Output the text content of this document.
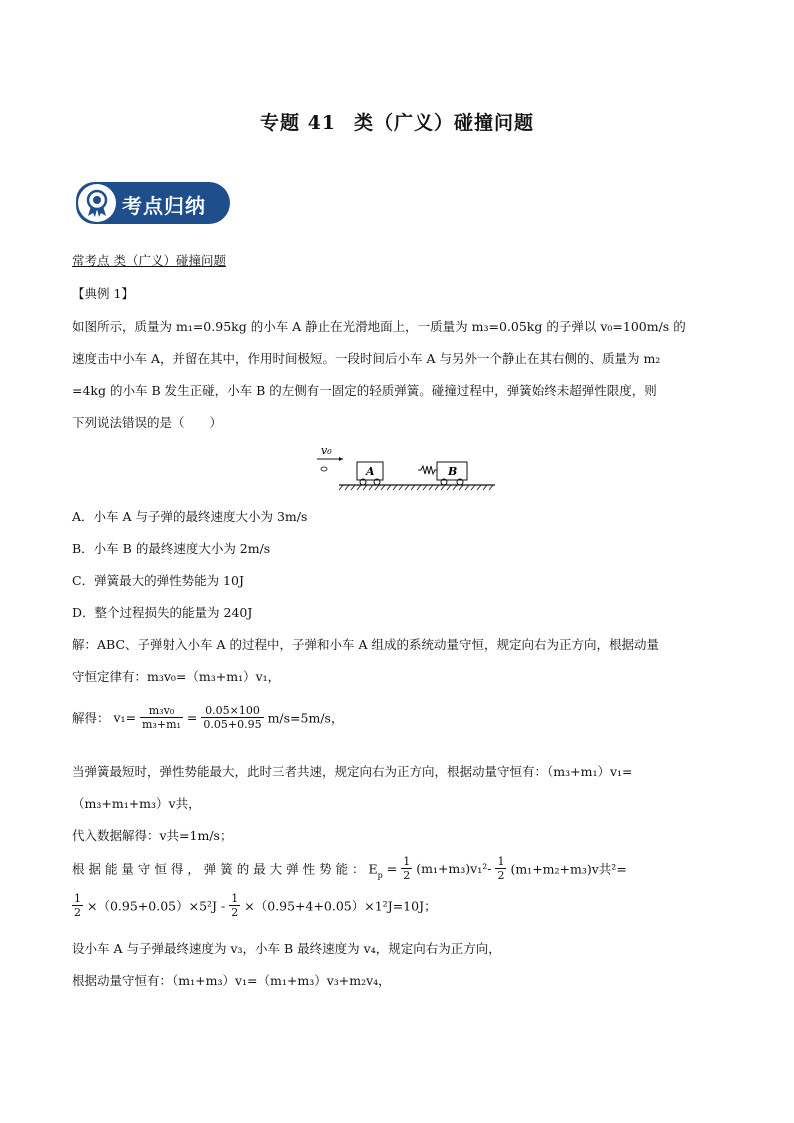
专题 41 类（广义）碰撞问题
考点归纳
常考点 类（广义）碰撞问题
【典例 1】
如图所示，质量为 m₁=0.95kg 的小车 A 静止在光滑地面上，一质量为 m₃=0.05kg 的子弹以 v₀=100m/s 的
速度击中小车 A，并留在其中，作用时间极短。一段时间后小车 A 与另外一个静止在其右侧的、质量为 m₂
=4kg 的小车 B 发生正碰，小车 B 的左侧有一固定的轻质弹簧。碰撞过程中，弹簧始终未超弹性限度，则
下列说法错误的是（　　）
v₀
A	B
A．小车 A 与子弹的最终速度大小为 3m/s
B．小车 B 的最终速度大小为 2m/s
C．弹簧最大的弹性势能为 10J
D．整个过程损失的能量为 240J
解：ABC、子弹射入小车 A 的过程中，子弹和小车 A 组成的系统动量守恒，规定向右为正方向，根据动量
守恒定律有：m₃v₀=（m₃+m₁）v₁，
解得： $v_1= \frac{\text{m₃v₀}}{\text{m₃+m₁}} = \frac{0.05\times 100}{0.05+0.95} m/s=5m/s$，
当弹簧最短时，弹性势能最大，此时三者共速，规定向右为正方向，根据动量守恒有：（m₃+m₁）v₁=
（m₃+m₁+m₃）v共，
代入数据解得：v共=1m/s；
根 据 能 量 守 恒 得 ， 弹 簧 的 最 大 弹 性 势 能 ： $E_p = \frac{1}{2} (m_1+m_3)v_1^2- \frac{1}{2} (m_1+m_2+m_3)v$共²=
$\frac{1}{2} \times(0.95+0.05)\times 5^2J - \frac{1}{2} \times(0.95+4+0.05)\times 1^2J=10J$；
设小车 A 与子弹最终速度为 v₃，小车 B 最终速度为 v₄，规定向右为正方向，
根据动量守恒有：（m₁+m₃）v₁=（m₁+m₃）v₃+m₂v₄，
